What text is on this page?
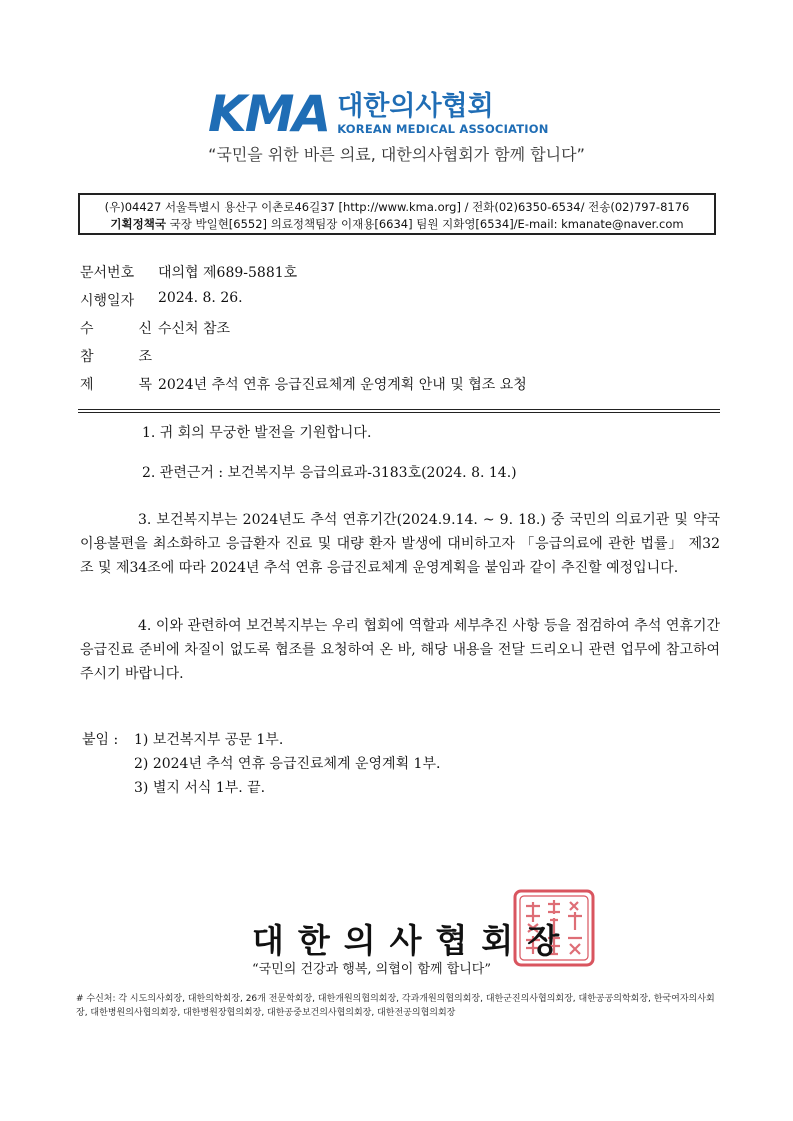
KMA 대한의사협회
KOREAN MEDICAL ASSOCIATION
“국민을 위한 바른 의료, 대한의사협회가 함께 합니다”
(우)04427 서울특별시 용산구 이촌로46길37 [http://www.kma.org] / 전화(02)6350-6534/ 전송(02)797-8176
기획정책국 국장 박일현[6552] 의료정책팀장 이재용[6634] 팀원 지화영[6534]/E-mail: kmanate@naver.com
문서번호 대의협 제689-5881호
시행일자 2024. 8. 26.
수	신 수신처 참조
참	조
제	목 2024년 추석 연휴 응급진료체계 운영계획 안내 및 협조 요청
1. 귀 회의 무궁한 발전을 기원합니다.
2. 관련근거 : 보건복지부 응급의료과-3183호(2024. 8. 14.)
3. 보건복지부는 2024년도 추석 연휴기간(2024.9.14. ~ 9. 18.) 중 국민의 의료기관 및 약국 이용불편을 최소화하고 응급환자 진료 및 대량 환자 발생에 대비하고자 「응급의료에 관한 법률」 제32조 및 제34조에 따라 2024년 추석 연휴 응급진료체계 운영계획을 붙임과 같이 추진할 예정입니다.
4. 이와 관련하여 보건복지부는 우리 협회에 역할과 세부추진 사항 등을 점검하여 추석 연휴기간 응급진료 준비에 차질이 없도록 협조를 요청하여 온 바, 해당 내용을 전달 드리오니 관련 업무에 참고하여 주시기 바랍니다.
붙임 :	1) 보건복지부 공문 1부.
2) 2024년 추석 연휴 응급진료체계 운영계획 1부.
3) 별지 서식 1부. 끝.
대한의사협회장
“국민의 건강과 행복, 의협이 함께 합니다”
# 수신처: 각 시도의사회장, 대한의학회장, 26개 전문학회장, 대한개원의협의회장, 각과개원의협의회장, 대한군진의사협의회장, 대한공공의학회장, 한국여자의사회장, 대한병원의사협의회장, 대한병원장협의회장, 대한공중보건의사협의회장, 대한전공의협의회장
